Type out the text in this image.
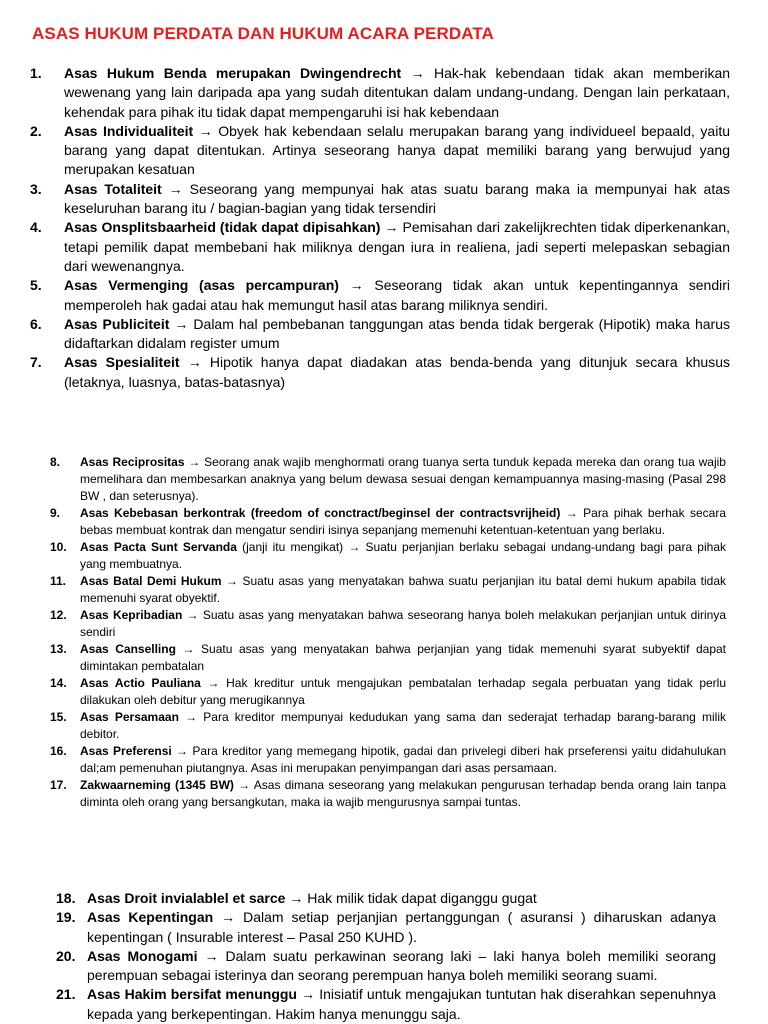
ASAS HUKUM PERDATA DAN HUKUM ACARA PERDATA
1.	Asas Hukum Benda merupakan Dwingendrecht → Hak-hak kebendaan tidak akan memberikan wewenang yang lain daripada apa yang sudah ditentukan dalam undang-undang. Dengan lain perkataan, kehendak para pihak itu tidak dapat mempengaruhi isi hak kebendaan
2.	Asas Individualiteit → Obyek hak kebendaan selalu merupakan barang yang individueel bepaald, yaitu barang yang dapat ditentukan. Artinya seseorang hanya dapat memiliki barang yang berwujud yang merupakan kesatuan
3.	Asas Totaliteit → Seseorang yang mempunyai hak atas suatu barang maka ia mempunyai hak atas keseluruhan barang itu / bagian-bagian yang tidak tersendiri
4.	Asas Onsplitsbaarheid (tidak dapat dipisahkan) → Pemisahan dari zakelijkrechten tidak diperkenankan, tetapi pemilik dapat membebani hak miliknya dengan iura in realiena, jadi seperti melepaskan sebagian dari wewenangnya.
5.	Asas Vermenging (asas percampuran) → Seseorang tidak akan untuk kepentingannya sendiri memperoleh hak gadai atau hak memungut hasil atas barang miliknya sendiri.
6.	Asas Publiciteit → Dalam hal pembebanan tanggungan atas benda tidak bergerak (Hipotik) maka harus didaftarkan didalam register umum
7.	Asas Spesialiteit → Hipotik hanya dapat diadakan atas benda-benda yang ditunjuk secara khusus (letaknya, luasnya, batas-batasnya)
8.	Asas Reciprositas → Seorang anak wajib menghormati orang tuanya serta tunduk kepada mereka dan orang tua wajib memelihara dan membesarkan anaknya yang belum dewasa sesuai dengan kemampuannya masing-masing (Pasal 298 BW , dan seterusnya).
9.	Asas Kebebasan berkontrak (freedom of conctract/beginsel der contractsvrijheid) → Para pihak berhak secara bebas membuat kontrak dan mengatur sendiri isinya sepanjang memenuhi ketentuan-ketentuan yang berlaku.
10.	Asas Pacta Sunt Servanda (janji itu mengikat) → Suatu perjanjian berlaku sebagai undang-undang bagi para pihak yang membuatnya.
11.	Asas Batal Demi Hukum → Suatu asas yang menyatakan bahwa suatu perjanjian itu batal demi hukum apabila tidak memenuhi syarat obyektif.
12.	Asas Kepribadian → Suatu asas yang menyatakan bahwa seseorang hanya boleh melakukan perjanjian untuk dirinya sendiri
13.	Asas Canselling → Suatu asas yang menyatakan bahwa perjanjian yang tidak memenuhi syarat subyektif dapat dimintakan pembatalan
14.	Asas Actio Pauliana → Hak kreditur untuk mengajukan pembatalan terhadap segala perbuatan yang tidak perlu dilakukan oleh debitur yang merugikannya
15.	Asas Persamaan → Para kreditor mempunyai kedudukan yang sama dan sederajat terhadap barang-barang milik debitor.
16.	Asas Preferensi → Para kreditor yang memegang hipotik, gadai dan privelegi diberi hak prseferensi yaitu didahulukan dal;am pemenuhan piutangnya. Asas ini merupakan penyimpangan dari asas persamaan.
17.	Zakwaarneming (1345 BW) → Asas dimana seseorang yang melakukan pengurusan terhadap benda orang lain tanpa diminta oleh orang yang bersangkutan, maka ia wajib mengurusnya sampai tuntas.
18. Asas Droit invialablel et sarce → Hak milik tidak dapat diganggu gugat
19. Asas Kepentingan → Dalam setiap perjanjian pertanggungan ( asuransi ) diharuskan adanya kepentingan ( Insurable interest – Pasal 250 KUHD ).
20. Asas Monogami → Dalam suatu perkawinan seorang laki – laki hanya boleh memiliki seorang perempuan sebagai isterinya dan seorang perempuan hanya boleh memiliki seorang suami.
21. Asas Hakim bersifat menunggu → Inisiatif untuk mengajukan tuntutan hak diserahkan sepenuhnya kepada yang berkepentingan. Hakim hanya menunggu saja.
